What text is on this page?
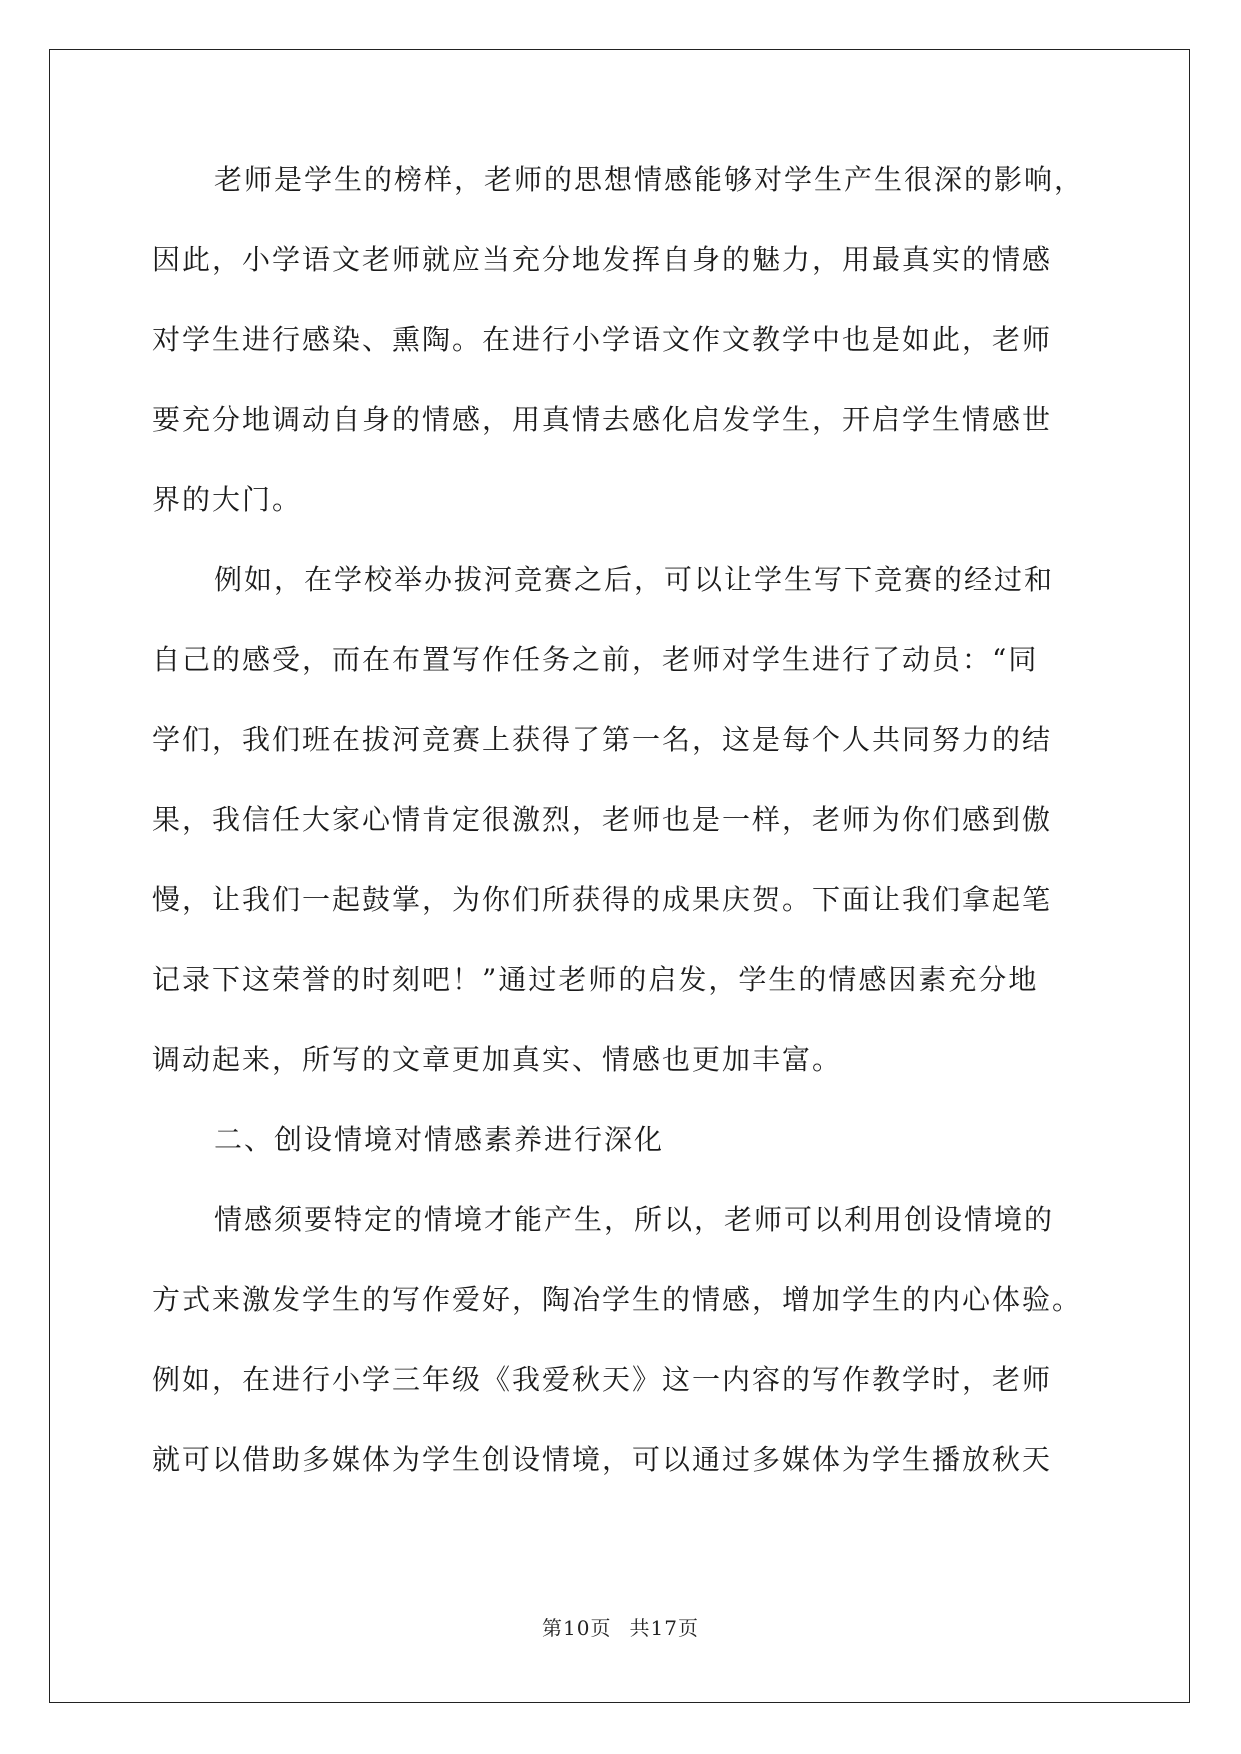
老师是学生的榜样，老师的思想情感能够对学生产生很深的影响，
因此，小学语文老师就应当充分地发挥自身的魅力，用最真实的情感
对学生进行感染、熏陶。在进行小学语文作文教学中也是如此，老师
要充分地调动自身的情感，用真情去感化启发学生，开启学生情感世
界的大门。
例如，在学校举办拔河竞赛之后，可以让学生写下竞赛的经过和
自己的感受，而在布置写作任务之前，老师对学生进行了动员：“同
学们，我们班在拔河竞赛上获得了第一名，这是每个人共同努力的结
果，我信任大家心情肯定很激烈，老师也是一样，老师为你们感到傲
慢，让我们一起鼓掌，为你们所获得的成果庆贺。下面让我们拿起笔
记录下这荣誉的时刻吧！”通过老师的启发，学生的情感因素充分地
调动起来，所写的文章更加真实、情感也更加丰富。
二、创设情境对情感素养进行深化
情感须要特定的情境才能产生，所以，老师可以利用创设情境的
方式来激发学生的写作爱好，陶冶学生的情感，增加学生的内心体验。
例如，在进行小学三年级《我爱秋天》这一内容的写作教学时，老师
就可以借助多媒体为学生创设情境，可以通过多媒体为学生播放秋天
第10页 共17页
